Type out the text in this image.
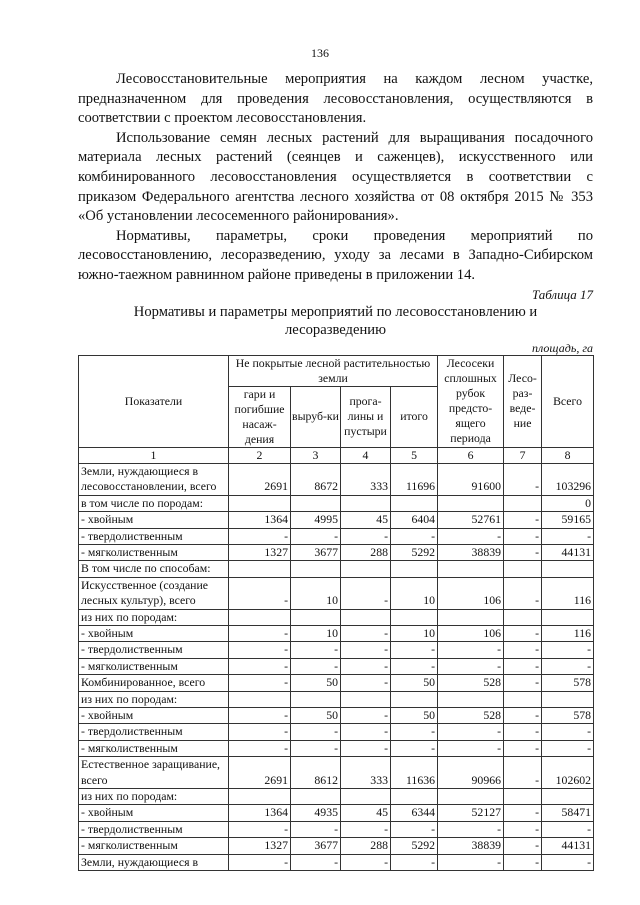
136
Лесовосстановительные мероприятия на каждом лесном участке,
предназначенном для проведения лесовосстановления, осуществляются в
соответствии с проектом лесовосстановления.
Использование семян лесных растений для выращивания посадочного
материала лесных растений (сеянцев и саженцев), искусственного или
комбинированного лесовосстановления осуществляется в соответствии с
приказом Федерального агентства лесного хозяйства от 08 октября 2015 № 353
«Об установлении лесосеменного районирования».
Нормативы, параметры, сроки проведения мероприятий по
лесовосстановлению, лесоразведению, уходу за лесами в Западно-Сибирском
южно-таежном равнинном районе приведены в приложении 14.
Таблица 17
Нормативы и параметры мероприятий по лесовосстановлению и
лесоразведению
площадь, га
Показатели	Не покрытые лесной растительностью земли				Лесосеки сплошных рубок предсто-ящего периода	Лесо-раз-веде-ние	Всего
	гари и погибшие насаж-дения	выруб-ки	прога-лины и пустыри	итого			
1	2	3	4	5	6	7	8
Земли, нуждающиеся в лесовосстановлении, всего	2691	8672	333	11696	91600	-	103296
в том числе по породам:							0
- хвойным	1364	4995	45	6404	52761	-	59165
- твердолиственным	-	-	-	-	-	-	-
- мягколиственным	1327	3677	288	5292	38839	-	44131
В том числе по способам:							
Искусственное (создание лесных культур), всего	-	10	-	10	106	-	116
из них по породам:							
- хвойным	-	10	-	10	106	-	116
- твердолиственным	-	-	-	-	-	-	-
- мягколиственным	-	-	-	-	-	-	-
Комбинированное, всего	-	50	-	50	528	-	578
из них по породам:							
- хвойным	-	50	-	50	528	-	578
- твердолиственным	-	-	-	-	-	-	-
- мягколиственным	-	-	-	-	-	-	-
Естественное заращивание, всего	2691	8612	333	11636	90966	-	102602
из них по породам:							
- хвойным	1364	4935	45	6344	52127	-	58471
- твердолиственным	-	-	-	-	-	-	-
- мягколиственным	1327	3677	288	5292	38839	-	44131
Земли, нуждающиеся в	-	-	-	-	-	-	-
